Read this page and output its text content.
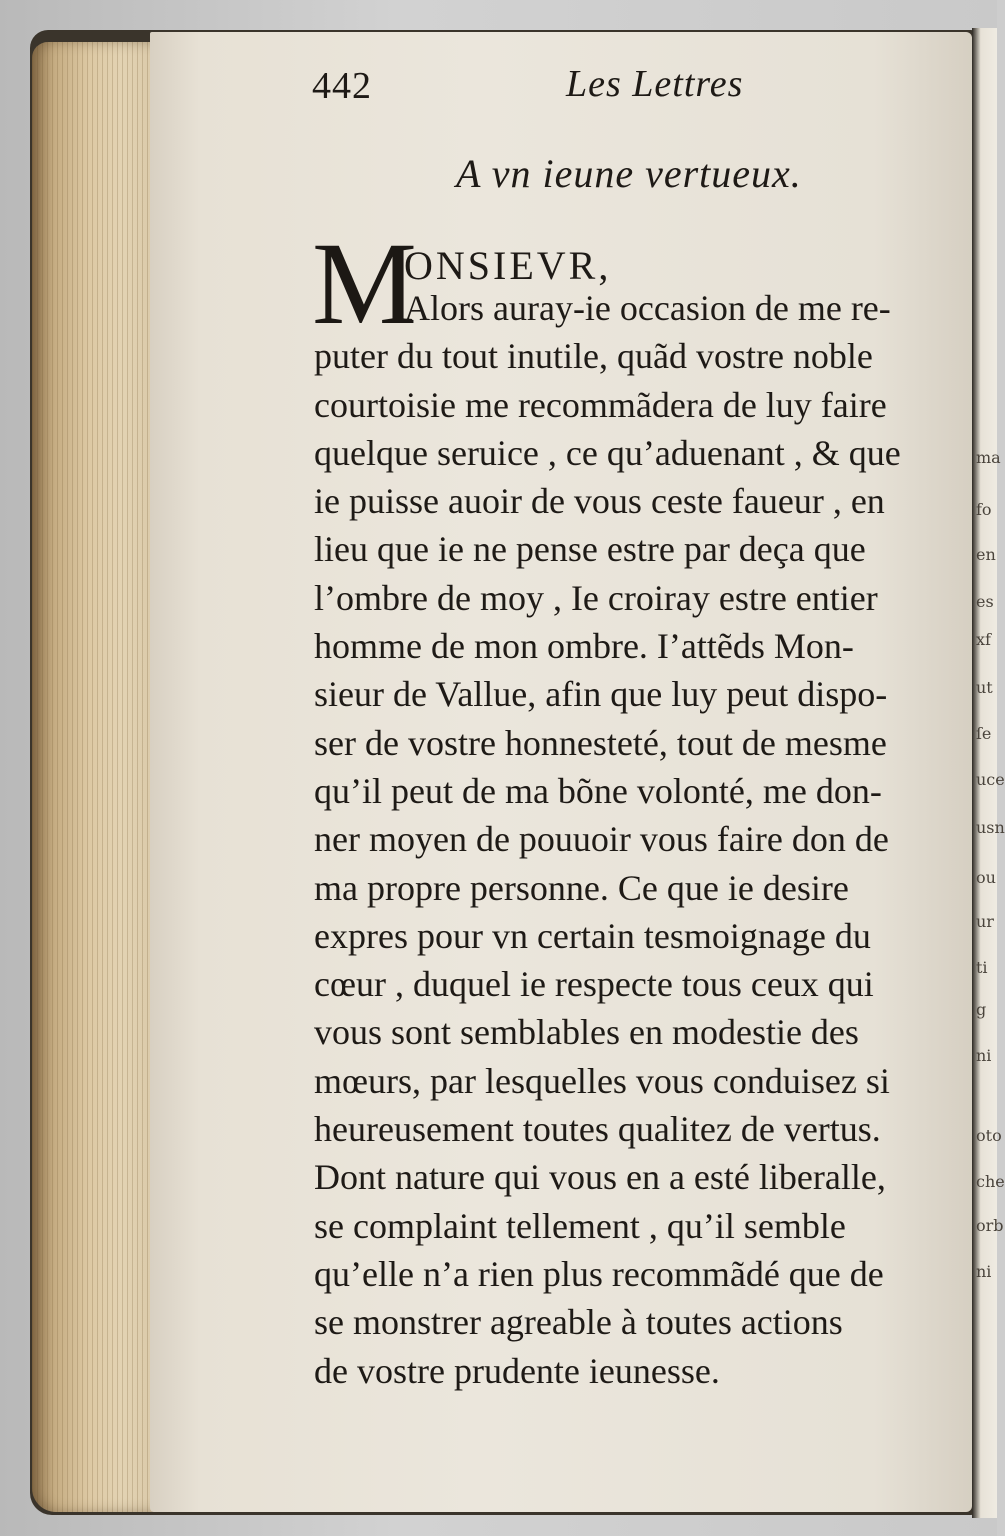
ma
fo
en
es
xf
ut
ſe
uce
usn
ou
ur
ti
g
ni
oto
che
orb
ni
442	Les Lettres
A vn ieune vertueux.
M
ONSIEVR,
Alors auray-ie occasion de me re-
puter du tout inutile, quãd vostre noble
courtoisie me recommãdera de luy faire
quelque seruice , ce qu’aduenant , & que
ie puisse auoir de vous ceste faueur , en
lieu que ie ne pense estre par deça que
l’ombre de moy , Ie croiray estre entier
homme de mon ombre. I’attẽds Mon-
sieur de Vallue, afin que luy peut dispo-
ser de vostre honnesteté, tout de mesme
qu’il peut de ma bõne volonté, me don-
ner moyen de pouuoir vous faire don de
ma propre personne. Ce que ie desire
expres pour vn certain tesmoignage du
cœur , duquel ie respecte tous ceux qui
vous sont semblables en modestie des
mœurs, par lesquelles vous conduisez si
heureusement toutes qualitez de vertus.
Dont nature qui vous en a esté liberalle,
se complaint tellement , qu’il semble
qu’elle n’a rien plus recommãdé que de
se monstrer agreable à toutes actions
de vostre prudente ieunesse.
